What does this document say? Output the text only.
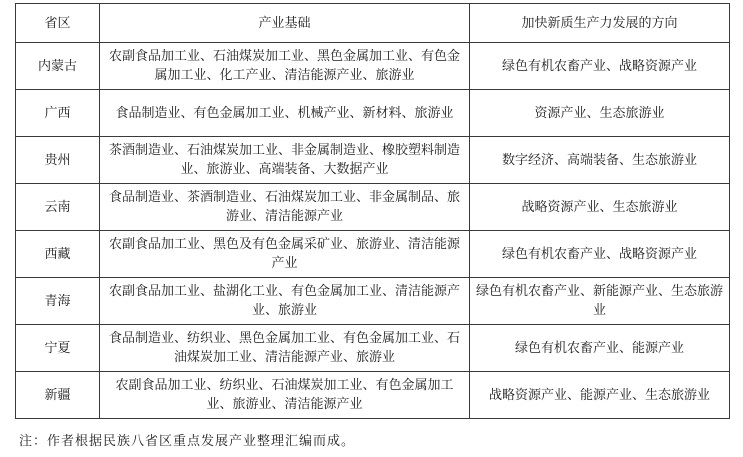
省区	产业基础	加快新质生产力发展的方向
内蒙古	农副食品加工业、石油煤炭加工业、黑色金属加工业、有色金属加工业、化工产业、清洁能源产业、旅游业	绿色有机农畜产业、战略资源产业
广西	食品制造业、有色金属加工业、机械产业、新材料、旅游业	资源产业、生态旅游业
贵州	茶酒制造业、石油煤炭加工业、非金属制造业、橡胶塑料制造业、旅游业、高端装备、大数据产业	数字经济、高端装备、生态旅游业
云南	食品制造业、茶酒制造业、石油煤炭加工业、非金属制品、旅游业、清洁能源产业	战略资源产业、生态旅游业
西藏	农副食品加工业、黑色及有色金属采矿业、旅游业、清洁能源产业	绿色有机农畜产业、战略资源产业
青海	农副食品加工业、盐湖化工业、有色金属加工业、清洁能源产业、旅游业	绿色有机农畜产业、新能源产业、生态旅游业
宁夏	食品制造业、纺织业、黑色金属加工业、有色金属加工业、石油煤炭加工业、清洁能源产业、旅游业	绿色有机农畜产业、能源产业
新疆	农副食品加工业、纺织业、石油煤炭加工业、有色金属加工业、旅游业、清洁能源产业	战略资源产业、能源产业、生态旅游业
注：作者根据民族八省区重点发展产业整理汇编而成。
